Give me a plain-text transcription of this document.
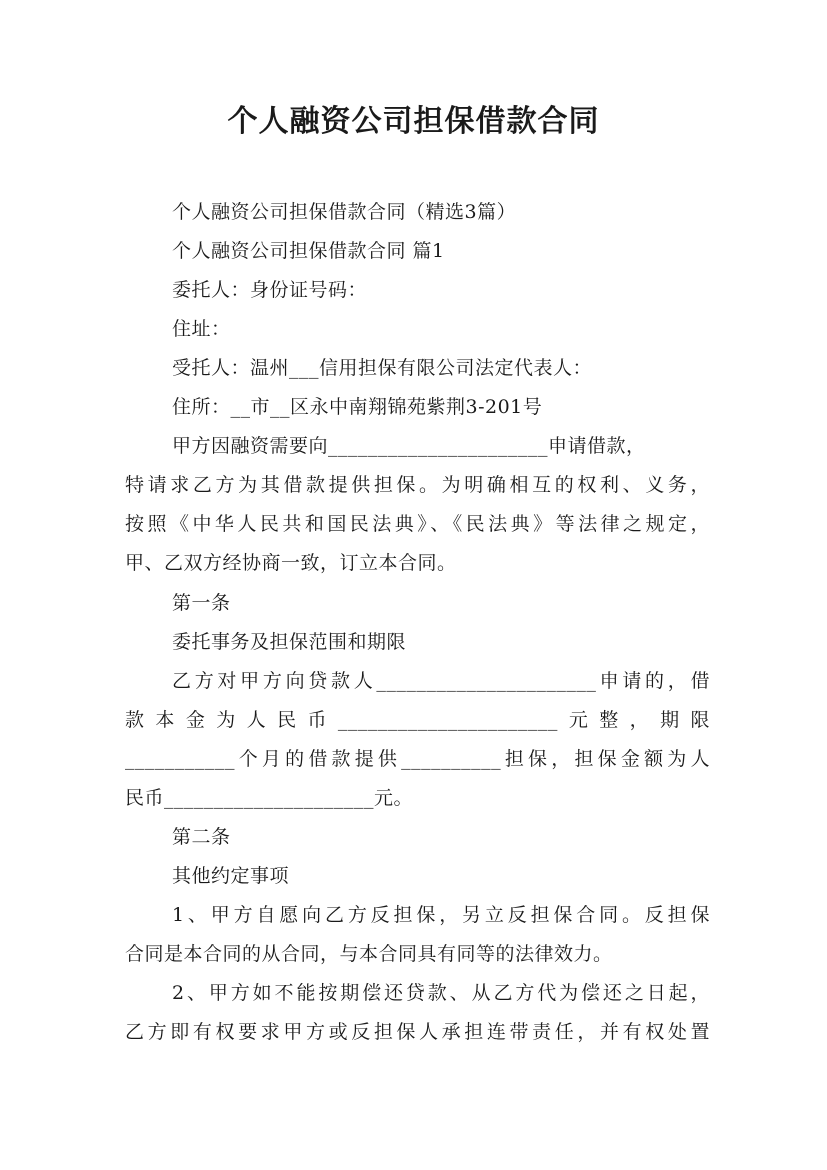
个人融资公司担保借款合同
个人融资公司担保借款合同（精选3篇）
个人融资公司担保借款合同 篇1
委托人：身份证号码：
住址：
受托人：温州___信用担保有限公司法定代表人：
住所：__市__区永中南翔锦苑紫荆3-201号
甲方因融资需要向______________________申请借款，
特请求乙方为其借款提供担保。为明确相互的权利、义务，
按照《中华人民共和国民法典》、《民法典》等法律之规定，
甲、乙双方经协商一致，订立本合同。
第一条
委托事务及担保范围和期限
乙方对甲方向贷款人______________________申请的，借
款本金为人民币______________________元整，期限
___________个月的借款提供__________担保，担保金额为人
民币_____________________元。
第二条
其他约定事项
1、甲方自愿向乙方反担保，另立反担保合同。反担保
合同是本合同的从合同，与本合同具有同等的法律效力。
2、甲方如不能按期偿还贷款、从乙方代为偿还之日起，
乙方即有权要求甲方或反担保人承担连带责任，并有权处置
